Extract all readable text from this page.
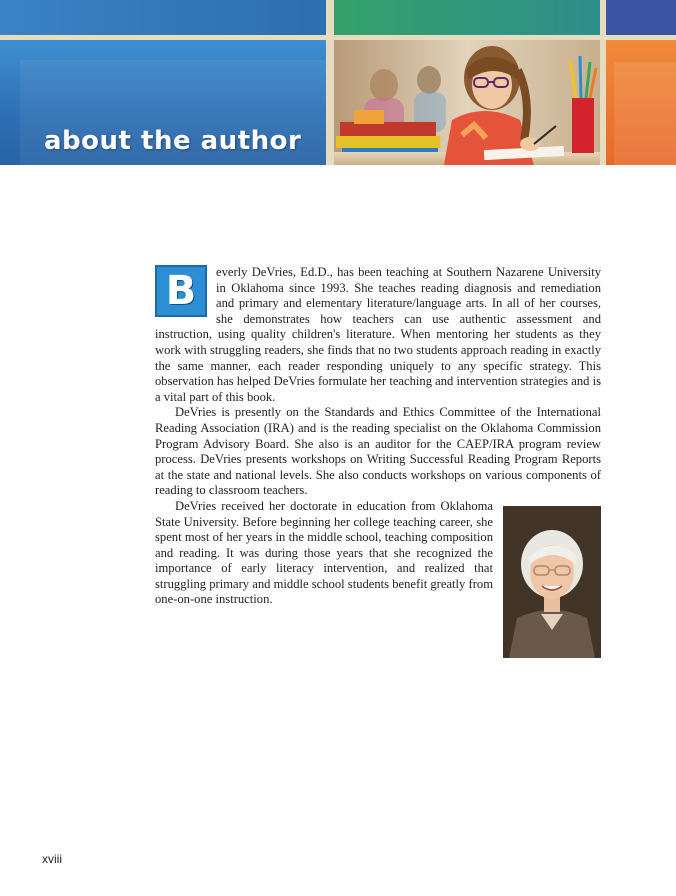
about the author

B	everly DeVries, Ed.D., has been teaching at Southern Nazarene University in Oklahoma since 1993. She teaches reading diagnosis and remediation and primary and elementary literature/language arts. In all of her courses, she demonstrates how teachers can use authentic assessment and instruction, using quality children's literature. When mentoring her students as they work with struggling readers, she finds that no two students approach reading in exactly the same manner, each reader responding uniquely to any specific strategy. This observation has helped DeVries formulate her teaching and intervention strategies and is a vital part of this book.

DeVries is presently on the Standards and Ethics Committee of the International Reading Association (IRA) and is the reading specialist on the Oklahoma Commission Program Advisory Board. She also is an auditor for the CAEP/IRA program review process. DeVries presents workshops on Writing Successful Reading Program Reports at the state and national levels. She also conducts workshops on various components of reading to classroom teachers.

DeVries received her doctorate in education from Oklahoma State University. Before beginning her college teaching career, she spent most of her years in the middle school, teaching composition and reading. It was during those years that she recognized the importance of early literacy intervention, and realized that struggling primary and middle school students benefit greatly from one-on-one instruction.

xviii
